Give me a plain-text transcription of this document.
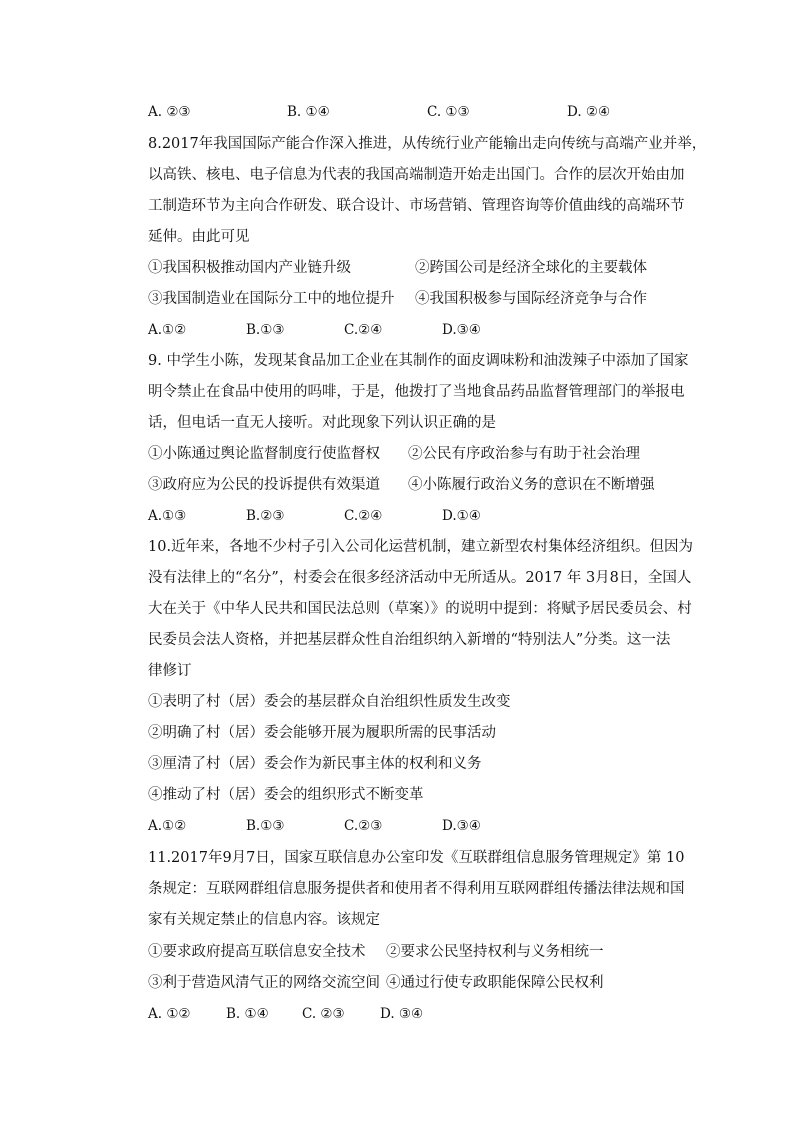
A. ②③	B. ①④	C. ①③	D. ②④
8.2017年我国国际产能合作深入推进，从传统行业产能输出走向传统与高端产业并举，
以高铁、核电、电子信息为代表的我国高端制造开始走出国门。合作的层次开始由加
工制造环节为主向合作研发、联合设计、市场营销、管理咨询等价值曲线的高端环节
延伸。由此可见
①我国积极推动国内产业链升级	②跨国公司是经济全球化的主要载体
③我国制造业在国际分工中的地位提升 ④我国积极参与国际经济竞争与合作
A.①②	B.①③	C.②④	D.③④
9. 中学生小陈，发现某食品加工企业在其制作的面皮调味粉和油泼辣子中添加了国家
明令禁止在食品中使用的吗啡，于是，他拨打了当地食品药品监督管理部门的举报电
话，但电话一直无人接听。对此现象下列认识正确的是
①小陈通过舆论监督制度行使监督权 ②公民有序政治参与有助于社会治理
③政府应为公民的投诉提供有效渠道 ④小陈履行政治义务的意识在不断增强
A.①③	B.②③	C.②④	D.①④
10.近年来，各地不少村子引入公司化运营机制，建立新型农村集体经济组织。但因为
没有法律上的“名分”，村委会在很多经济活动中无所适从。2017 年 3月8日，全国人
大在关于《中华人民共和国民法总则（草案）》的说明中提到：将赋予居民委员会、村
民委员会法人资格，并把基层群众性自治组织纳入新增的“特别法人”分类。这一法
律修订
①表明了村（居）委会的基层群众自治组织性质发生改变
②明确了村（居）委会能够开展为履职所需的民事活动
③厘清了村（居）委会作为新民事主体的权利和义务
④推动了村（居）委会的组织形式不断变革
A.①②	B.①③	C.②③	D.③④
11.2017年9月7日，国家互联信息办公室印发《互联群组信息服务管理规定》第 10
条规定：互联网群组信息服务提供者和使用者不得利用互联网群组传播法律法规和国
家有关规定禁止的信息内容。该规定
①要求政府提高互联信息安全技术 ②要求公民坚持权利与义务相统一
③利于营造风清气正的网络交流空间 ④通过行使专政职能保障公民权利
A. ①②	B. ①④ C. ②③	D. ③④
